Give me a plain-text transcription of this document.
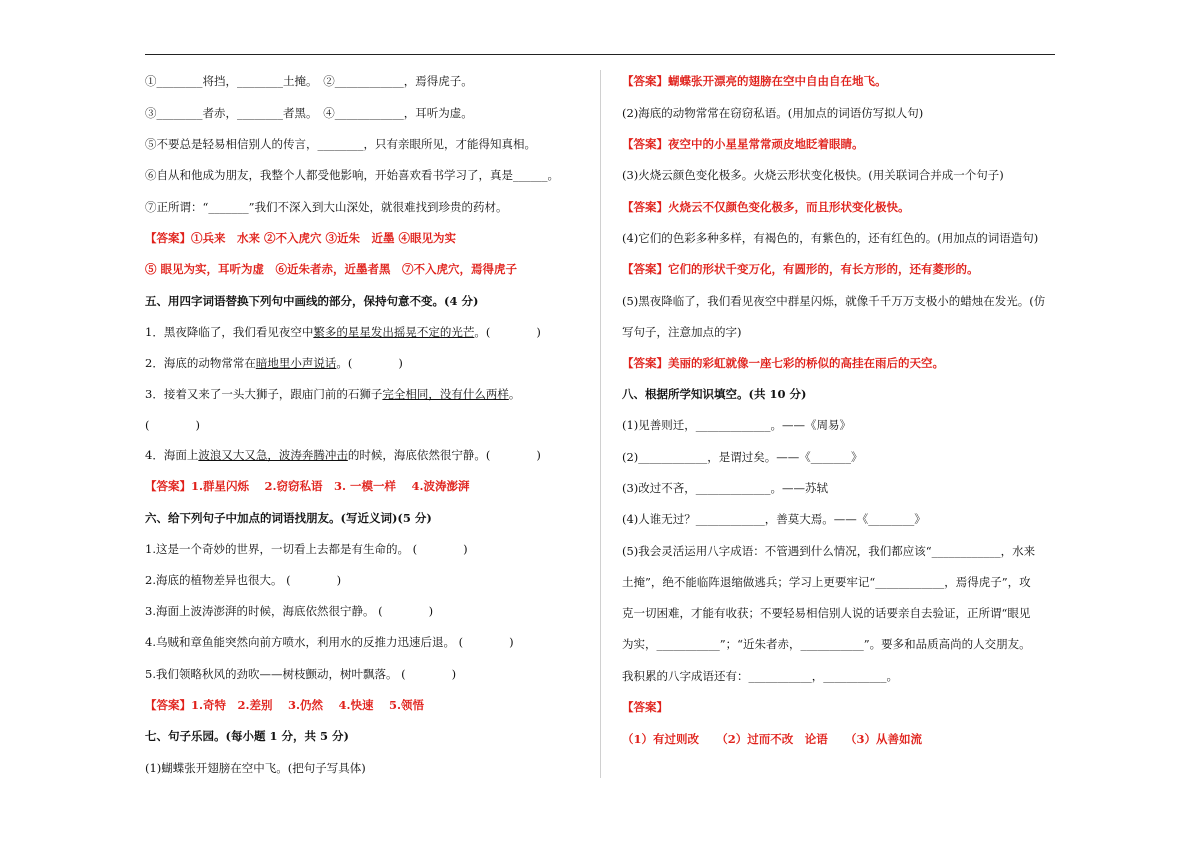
①________将挡，________土掩。　②____________，焉得虎子。
③________者赤，________者黑。　④____________，耳听为虚。
⑤不要总是轻易相信别人的传言，________，只有亲眼所见，才能得知真相。
⑥自从和他成为朋友，我整个人都受他影响，开始喜欢看书学习了，真是______。
⑦正所谓：“_______”我们不深入到大山深处，就很难找到珍贵的药材。
【答案】①兵来　水来 ②不入虎穴 ③近朱　近墨 ④眼见为实
⑤ 眼见为实，耳听为虚　⑥近朱者赤，近墨者黑　⑦不入虎穴，焉得虎子
五、用四字词语替换下列句中画线的部分，保持句意不变。(4 分)
1．黑夜降临了，我们看见夜空中繁多的星星发出摇晃不定的光芒。(　　　　)
2．海底的动物常常在暗地里小声说话。(　　　　)
3．接着又来了一头大狮子，跟庙门前的石狮子完全相同，没有什么两样。
(　　　　)
4．海面上波浪又大又急，波涛奔腾冲击的时候，海底依然很宁静。(　　　　)
【答案】1.群星闪烁　 2.窃窃私语　3. 一模一样　 4.波涛澎湃
六、给下列句子中加点的词语找朋友。(写近义词)(5 分)
1.这是一个奇妙的世界，一切看上去都是有生命的。 (　　　　)
2.海底的植物差异也很大。 (　　　　)
3.海面上波涛澎湃的时候，海底依然很宁静。 (　　　　)
4.乌贼和章鱼能突然向前方喷水，利用水的反推力迅速后退。 (　　　　)
5.我们领略秋风的劲吹——树枝颤动，树叶飘落。 (　　　　)
【答案】1.奇特　2.差别　 3.仍然　 4.快速　 5.领悟
七、句子乐园。(每小题 1 分，共 5 分)
(1)蝴蝶张开翅膀在空中飞。(把句子写具体)
【答案】蝴蝶张开漂亮的翅膀在空中自由自在地飞。
(2)海底的动物常常在窃窃私语。(用加点的词语仿写拟人句)
【答案】夜空中的小星星常常顽皮地眨着眼睛。
(3)火烧云颜色变化极多。火烧云形状变化极快。(用关联词合并成一个句子)
【答案】火烧云不仅颜色变化极多，而且形状变化极快。
(4)它们的色彩多种多样，有褐色的，有紫色的，还有红色的。(用加点的词语造句)
【答案】它们的形状千变万化，有圆形的，有长方形的，还有菱形的。
(5)黑夜降临了，我们看见夜空中群星闪烁，就像千千万万支极小的蜡烛在发光。(仿
写句子，注意加点的字)
【答案】美丽的彩虹就像一座七彩的桥似的高挂在雨后的天空。
八、根据所学知识填空。(共 10 分)
(1)见善则迁，_____________。——《周易》
(2)____________，是谓过矣。——《_______》
(3)改过不吝，_____________。——苏轼
(4)人谁无过？____________，善莫大焉。——《________》
(5)我会灵活运用八字成语：不管遇到什么情况，我们都应该“____________，水来
土掩”，绝不能临阵退缩做逃兵；学习上更要牢记“____________，焉得虎子”，攻
克一切困难，才能有收获；不要轻易相信别人说的话要亲自去验证，正所谓“眼见
为实，___________”；“近朱者赤，___________”。要多和品质高尚的人交朋友。
我积累的八字成语还有：___________，___________。
【答案】
（1）有过则改　　（2）过而不改　论语　　（3）从善如流
